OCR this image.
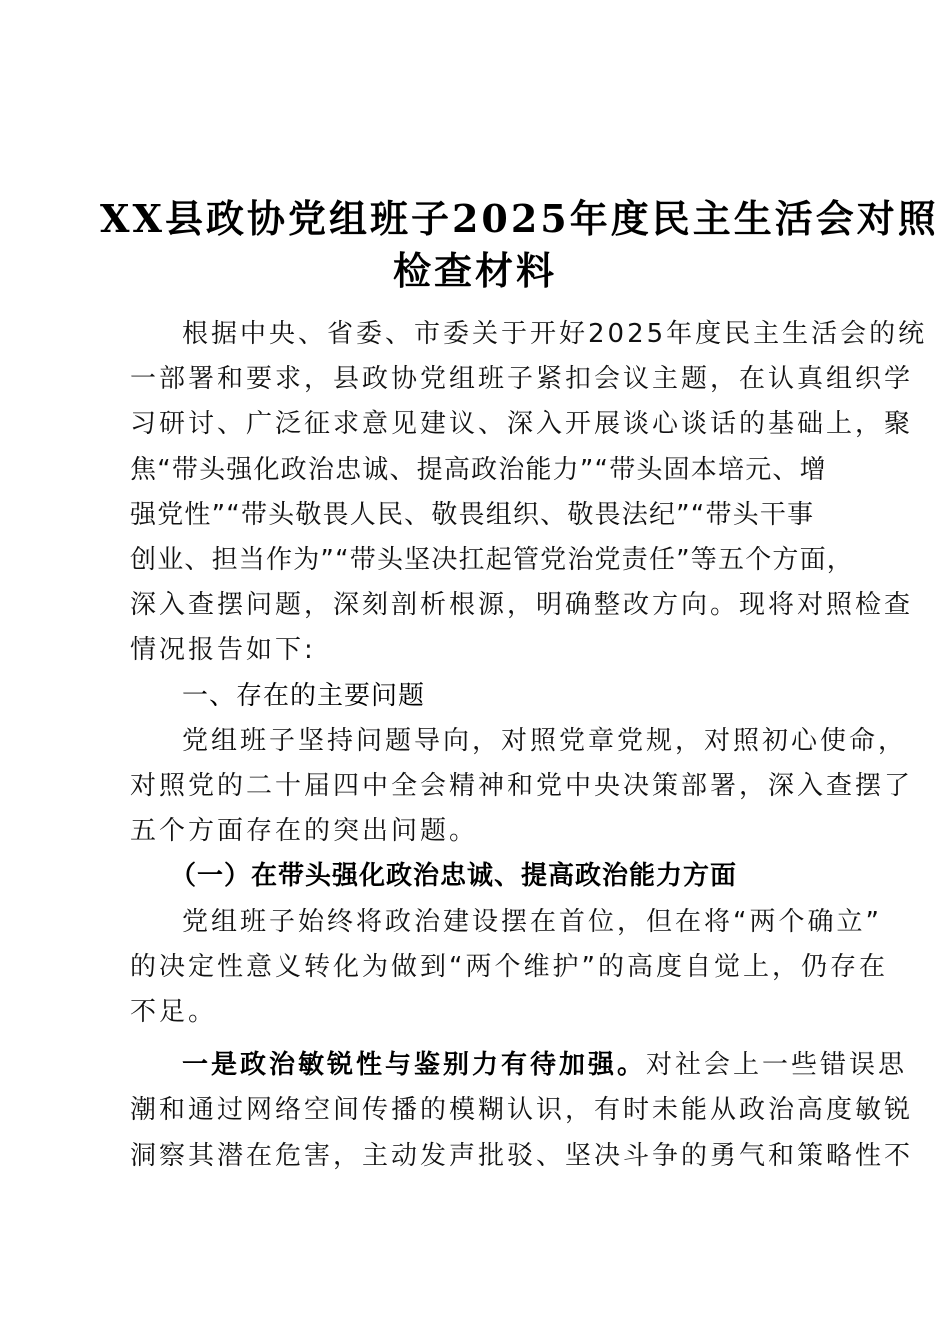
XX县政协党组班子2025年度民主生活会对照
检查材料

根据中央、省委、市委关于开好2025年度民主生活会的统
一部署和要求，县政协党组班子紧扣会议主题，在认真组织学
习研讨、广泛征求意见建议、深入开展谈心谈话的基础上，聚
焦“带头强化政治忠诚、提高政治能力”“带头固本培元、增
强党性”“带头敬畏人民、敬畏组织、敬畏法纪”“带头干事
创业、担当作为”“带头坚决扛起管党治党责任”等五个方面，
深入查摆问题，深刻剖析根源，明确整改方向。现将对照检查
情况报告如下:

一、存在的主要问题
党组班子坚持问题导向，对照党章党规，对照初心使命，
对照党的二十届四中全会精神和党中央决策部署，深入查摆了
五个方面存在的突出问题。

（一）在带头强化政治忠诚、提高政治能力方面
党组班子始终将政治建设摆在首位，但在将“两个确立”
的决定性意义转化为做到“两个维护”的高度自觉上，仍存在
不足。

一是政治敏锐性与鉴别力有待加强。对社会上一些错误思
潮和通过网络空间传播的模糊认识，有时未能从政治高度敏锐
洞察其潜在危害，主动发声批驳、坚决斗争的勇气和策略性不
